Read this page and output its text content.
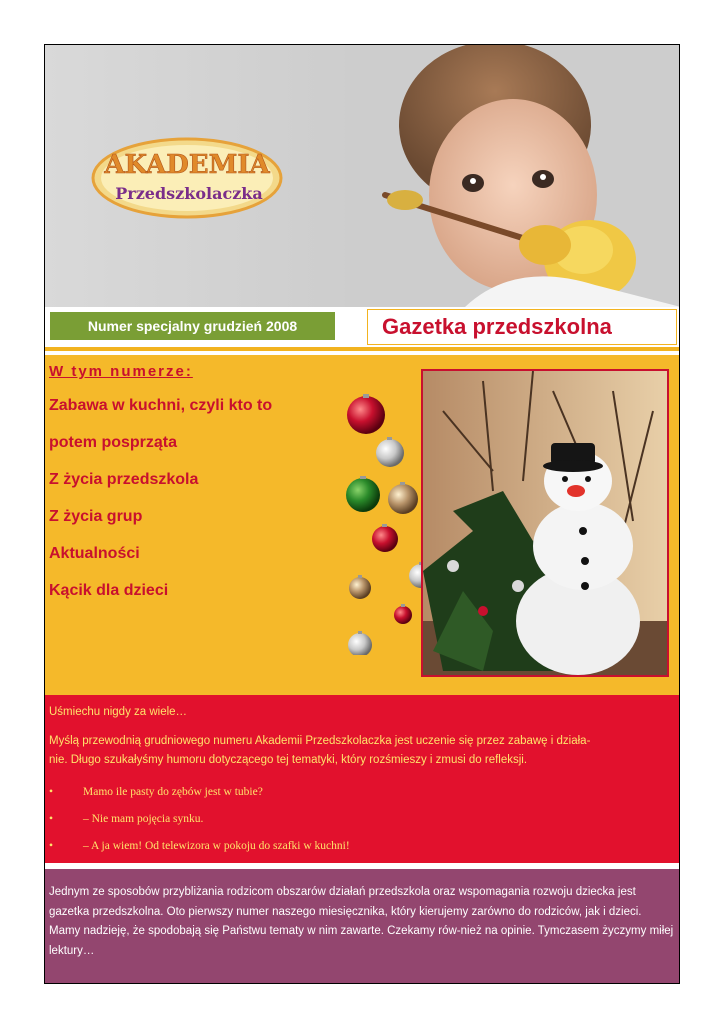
AKADEMIA
Przedszkolaczka
Numer specjalny grudzień 2008	Gazetka przedszkolna
W tym numerze:
Zabawa w kuchni, czyli kto to
potem posprząta
Z życia przedszkola
Z życia grup
Aktualności
Kącik dla dzieci

Uśmiechu nigdy za wiele…

Myślą przewodnią grudniowego numeru Akademii Przedszkolaczka jest uczenie się przez zabawę i działa-

nie. Długo szukałyśmy humoru dotyczącego tej tematyki, który rozśmieszy i zmusi do refleksji.

•	Mamo ile pasty do zębów jest w tubie?
•	– Nie mam pojęcia synku.
•	– A ja wiem! Od telewizora w pokoju do szafki w kuchni!

Jednym ze sposobów przybliżania rodzicom obszarów działań przedszkola oraz wspomagania rozwoju dziecka jest gazetka przedszkolna. Oto pierwszy numer naszego miesięcznika, który kierujemy zarówno do rodziców, jak i dzieci. Mamy nadzieję, że spodobają się Państwu tematy w nim zawarte. Czekamy rów-nież na opinie. Tymczasem życzymy miłej lektury…
